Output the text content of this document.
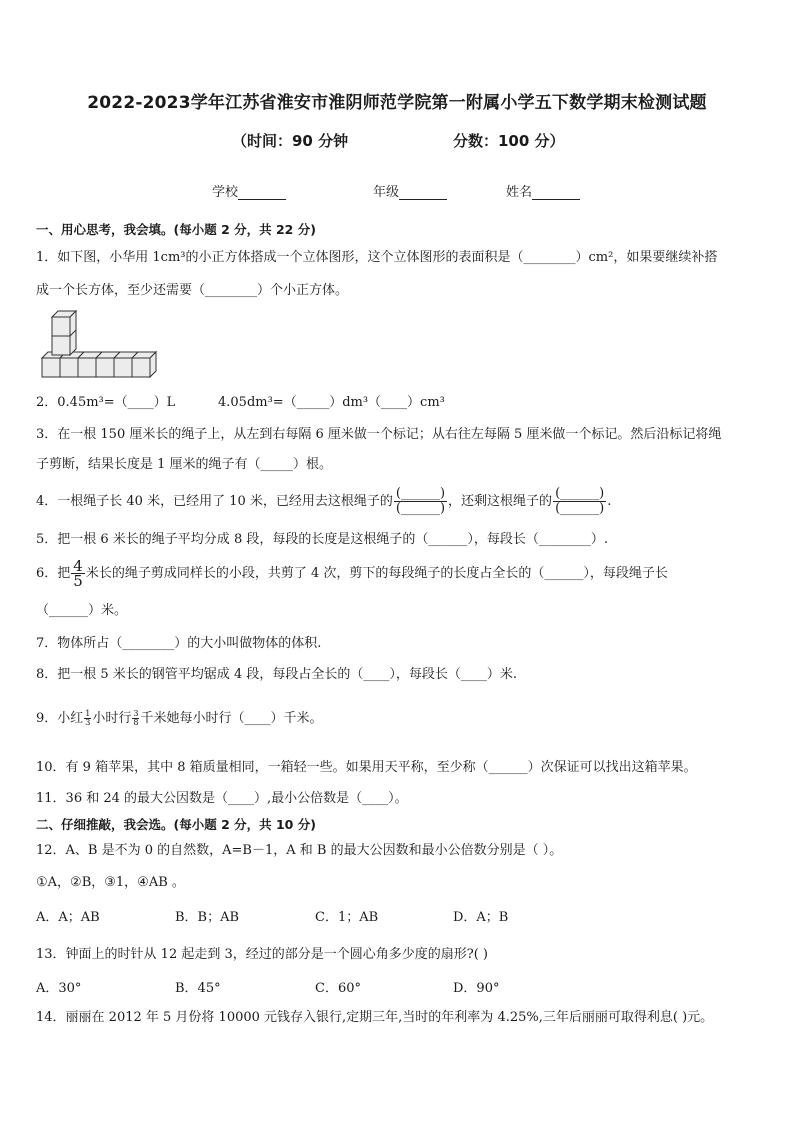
2022-2023学年江苏省淮安市淮阴师范学院第一附属小学五下数学期末检测试题
（时间：90 分钟	分数：100 分）
学校	年级	姓名
一、用心思考，我会填。(每小题 2 分，共 22 分)
1．如下图，小华用 1cm³的小正方体搭成一个立体图形，这个立体图形的表面积是（________）cm²，如果要继续补搭
成一个长方体，至少还需要（________）个小正方体。
2．0.45m³=（____）L	4.05dm³=（_____）dm³（____）cm³
3．在一根 150 厘米长的绳子上，从左到右每隔 6 厘米做一个标记；从右往左每隔 5 厘米做一个标记。然后沿标记将绳
子剪断，结果长度是 1 厘米的绳子有（_____）根。
4．一根绳子长 40 米，已经用了 10 米，已经用去这根绳子的 $\frac{(\_\_\_\_\_\_)}{(\_\_\_\_\_\_)}$ ，还剩这根绳子的 $\frac{(\_\_\_\_\_\_)}{(\_\_\_\_\_\_)}$ .
5．把一根 6 米长的绳子平均分成 8 段，每段的长度是这根绳子的（______），每段长（________）.
6．把 $\frac{4}{5}$ 米长的绳子剪成同样长的小段，共剪了 4 次，剪下的每段绳子的长度占全长的（______），每段绳子长
（______）米。
7．物体所占（________）的大小叫做物体的体积.
8．把一根 5 米长的钢管平均锯成 4 段，每段占全长的（____），每段长（____）米.
9．小红 $\frac{1}{3}$ 小时行 $\frac{3}{8}$ 千米她每小时行（____）千米。
10．有 9 箱苹果，其中 8 箱质量相同，一箱轻一些。如果用天平称，至少称（______）次保证可以找出这箱苹果。
11．36 和 24 的最大公因数是（____）,最小公倍数是（____）。
二、仔细推敲，我会选。(每小题 2 分，共 10 分)
12．A、B 是不为 0 的自然数，A=B－1，A 和 B 的最大公因数和最小公倍数分别是（ ）。
①A，②B，③1，④AB 。
A．A；AB	B．B；AB	C．1；AB	D．A；B
13．钟面上的时针从 12 起走到 3，经过的部分是一个圆心角多少度的扇形?( )
A．30°	B．45°	C．60°	D．90°
14．丽丽在 2012 年 5 月份将 10000 元钱存入银行,定期三年,当时的年利率为 4.25%,三年后丽丽可取得利息( )元。
